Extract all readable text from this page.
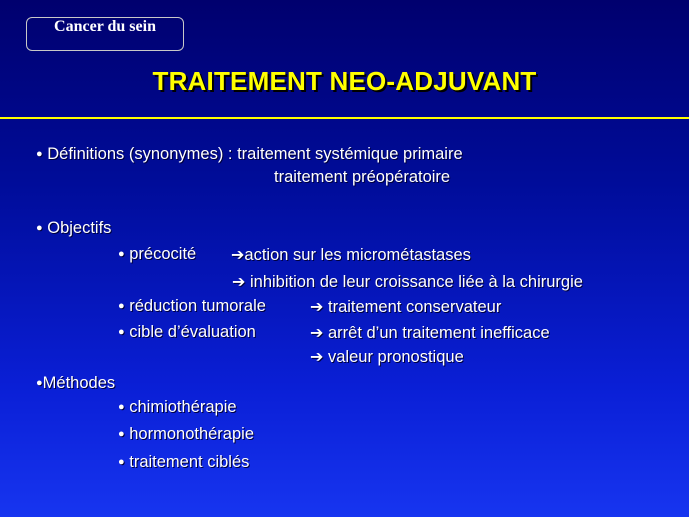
Cancer du sein
TRAITEMENT NEO-ADJUVANT
● Définitions (synonymes) : traitement systémique primaire
traitement préopératoire
● Objectifs
● précocité ➔action sur les micrométastases
➔ inhibition de leur croissance liée à la chirurgie
● réduction tumorale	➔ traitement conservateur
● cible d’évaluation	➔ arrêt d’un traitement inefficace
➔ valeur pronostique
●Méthodes
● chimiothérapie
● hormonothérapie
● traitement ciblés
